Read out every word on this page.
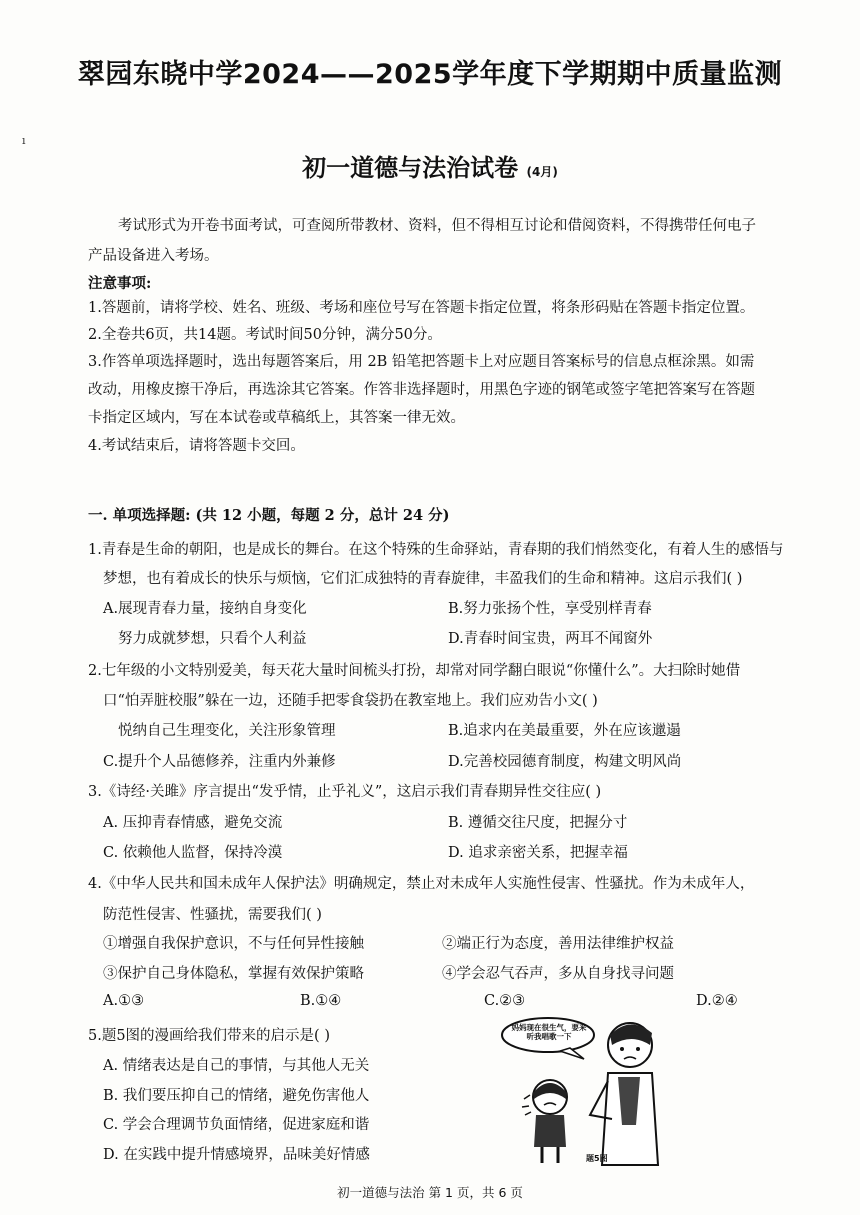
翠园东晓中学2024——2025学年度下学期期中质量监测
ı
初一道德与法治试卷 (4月)
考试形式为开卷书面考试，可查阅所带教材、资料，但不得相互讨论和借阅资料，不得携带任何电子
产品设备进入考场。
注意事项:
1.答题前，请将学校、姓名、班级、考场和座位号写在答题卡指定位置，将条形码贴在答题卡指定位置。
2.全卷共6页，共14题。考试时间50分钟，满分50分。
3.作答单项选择题时，选出每题答案后，用 2B 铅笔把答题卡上对应题目答案标号的信息点框涂黑。如需
改动，用橡皮擦干净后，再选涂其它答案。作答非选择题时，用黑色字迹的钢笔或签字笔把答案写在答题
卡指定区域内，写在本试卷或草稿纸上，其答案一律无效。
4.考试结束后，请将答题卡交回。
一. 单项选择题: (共 12 小题，每题 2 分，总计 24 分)
1.青春是生命的朝阳，也是成长的舞台。在这个特殊的生命驿站，青春期的我们悄然变化，有着人生的感悟与
梦想，也有着成长的快乐与烦恼，它们汇成独特的青春旋律，丰盈我们的生命和精神。这启示我们( )
A.展现青春力量，接纳自身变化	B.努力张扬个性，享受别样青春
努力成就梦想，只看个人利益	D.青春时间宝贵，两耳不闻窗外
2.七年级的小文特别爱美，每天花大量时间梳头打扮，却常对同学翻白眼说“你懂什么”。大扫除时她借
口“怕弄脏校服”躲在一边，还随手把零食袋扔在教室地上。我们应劝告小文( )
悦纳自己生理变化，关注形象管理	B.追求内在美最重要，外在应该邋遢
C.提升个人品德修养，注重内外兼修	D.完善校园德育制度，构建文明风尚
3.《诗经·关雎》序言提出“发乎情，止乎礼义”，这启示我们青春期异性交往应( )
A. 压抑青春情感，避免交流	B. 遵循交往尺度，把握分寸
C. 依赖他人监督，保持冷漠	D. 追求亲密关系，把握幸福
4.《中华人民共和国未成年人保护法》明确规定，禁止对未成年人实施性侵害、性骚扰。作为未成年人，
防范性侵害、性骚扰，需要我们( )
①增强自我保护意识，不与任何异性接触	②端正行为态度，善用法律维护权益
③保护自己身体隐私，掌握有效保护策略	④学会忍气吞声，多从自身找寻问题
A.①③	B.①④	C.②③	D.②④
5.题5图的漫画给我们带来的启示是( )
A. 情绪表达是自己的事情，与其他人无关
B. 我们要压抑自己的情绪，避免伤害他人
C. 学会合理调节负面情绪，促进家庭和谐
D. 在实践中提升情感境界，品味美好情感
妈妈现在很生气，要来听我唱歌一下
题5图
初一道德与法治 第 1 页，共 6 页
